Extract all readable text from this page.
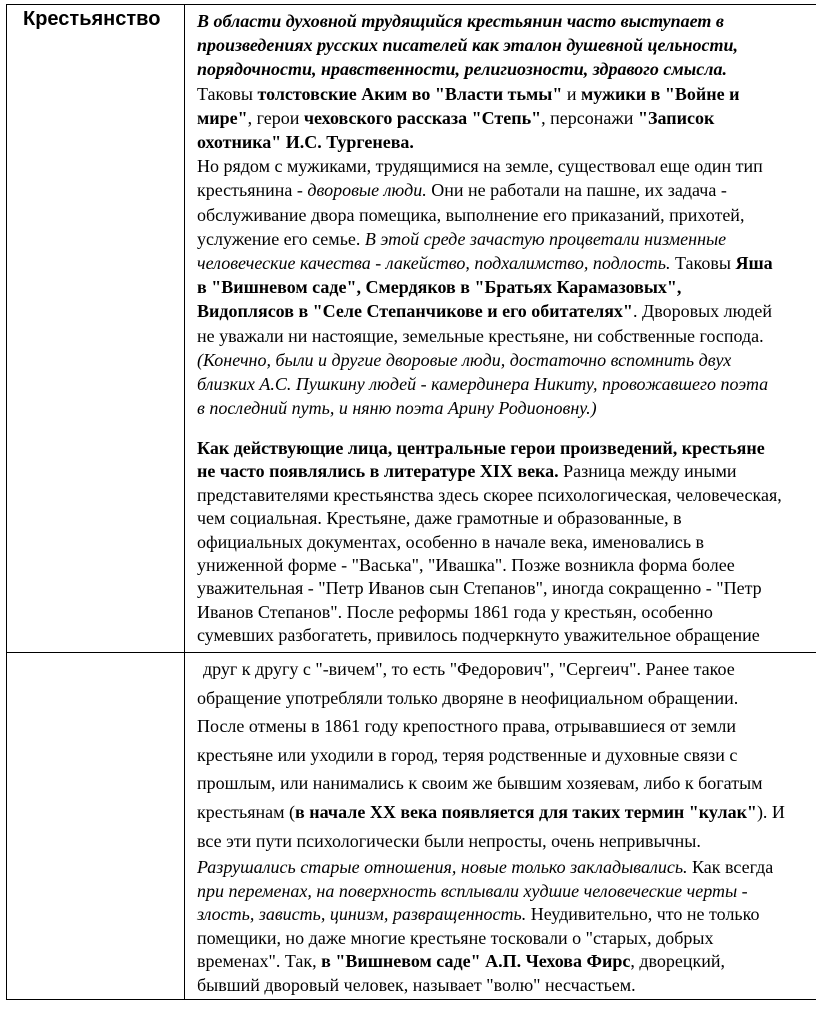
Крестьянство В области духовной трудящийся крестьянин часто выступает в
произведениях русских писателей как эталон душевной цельности,
порядочности, нравственности, религиозности, здравого смысла.
Таковы толстовские Аким во "Власти тьмы" и мужики в "Войне и
мире", герои чеховского рассказа "Степь", персонажи "Записок
охотника" И.С. Тургенева.
Но рядом с мужиками, трудящимися на земле, существовал еще один тип
крестьянина - дворовые люди. Они не работали на пашне, их задача -
обслуживание двора помещика, выполнение его приказаний, прихотей,
услужение его семье. В этой среде зачастую процветали низменные
человеческие качества - лакейство, подхалимство, подлость. Таковы Яша
в "Вишневом саде", Смердяков в "Братьях Карамазовых",
Видоплясов в "Селе Степанчикове и его обитателях". Дворовых людей
не уважали ни настоящие, земельные крестьяне, ни собственные господа.
(Конечно, были и другие дворовые люди, достаточно вспомнить двух
близких А.С. Пушкину людей - камердинера Никиту, провожавшего поэта
в последний путь, и няню поэта Арину Родионовну.)
Как действующие лица, центральные герои произведений, крестьяне
не часто появлялись в литературе XIX века. Разница между иными
представителями крестьянства здесь скорее психологическая, человеческая,
чем социальная. Крестьяне, даже грамотные и образованные, в
официальных документах, особенно в начале века, именовались в
униженной форме - "Васька", "Ивашка". Позже возникла форма более
уважительная - "Петр Иванов сын Степанов", иногда сокращенно - "Петр
Иванов Степанов". После реформы 1861 года у крестьян, особенно
сумевших разбогатеть, привилось подчеркнуто уважительное обращение
друг к другу с "-вичем", то есть "Федорович", "Сергеич". Ранее такое
обращение употребляли только дворяне в неофициальном обращении.
После отмены в 1861 году крепостного права, отрывавшиеся от земли
крестьяне или уходили в город, теряя родственные и духовные связи с
прошлым, или нанимались к своим же бывшим хозяевам, либо к богатым
крестьянам (в начале XX века появляется для таких термин "кулак"). И
все эти пути психологически были непросты, очень непривычны.
Разрушались старые отношения, новые только закладывались. Как всегда
при переменах, на поверхность всплывали худшие человеческие черты -
злость, зависть, цинизм, развращенность. Неудивительно, что не только
помещики, но даже многие крестьяне тосковали о "старых, добрых
временах". Так, в "Вишневом саде" А.П. Чехова Фирс, дворецкий,
бывший дворовый человек, называет "волю" несчастьем.
